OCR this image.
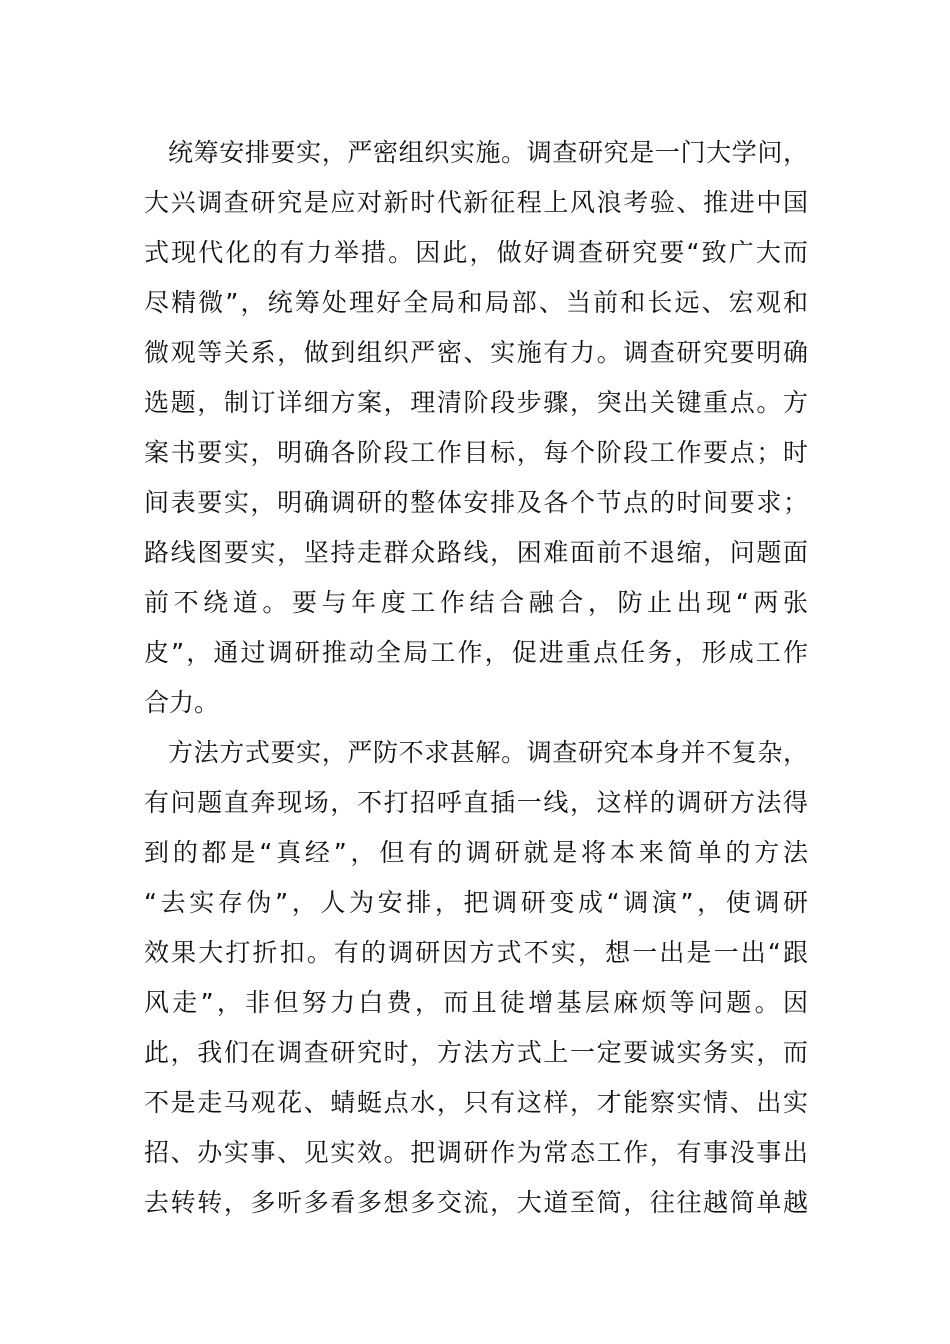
统筹安排要实，严密组织实施。调查研究是一门大学问，
大兴调查研究是应对新时代新征程上风浪考验、推进中国
式现代化的有力举措。因此，做好调查研究要“致广大而
尽精微”，统筹处理好全局和局部、当前和长远、宏观和
微观等关系，做到组织严密、实施有力。调查研究要明确
选题，制订详细方案，理清阶段步骤，突出关键重点。方
案书要实，明确各阶段工作目标，每个阶段工作要点；时
间表要实，明确调研的整体安排及各个节点的时间要求；
路线图要实，坚持走群众路线，困难面前不退缩，问题面
前不绕道。要与年度工作结合融合，防止出现“两张
皮”，通过调研推动全局工作，促进重点任务，形成工作
合力。
方法方式要实，严防不求甚解。调查研究本身并不复杂，
有问题直奔现场，不打招呼直插一线，这样的调研方法得
到的都是“真经”，但有的调研就是将本来简单的方法
“去实存伪”，人为安排，把调研变成“调演”，使调研
效果大打折扣。有的调研因方式不实，想一出是一出“跟
风走”，非但努力白费，而且徒增基层麻烦等问题。因
此，我们在调查研究时，方法方式上一定要诚实务实，而
不是走马观花、蜻蜓点水，只有这样，才能察实情、出实
招、办实事、见实效。把调研作为常态工作，有事没事出
去转转，多听多看多想多交流，大道至简，往往越简单越
